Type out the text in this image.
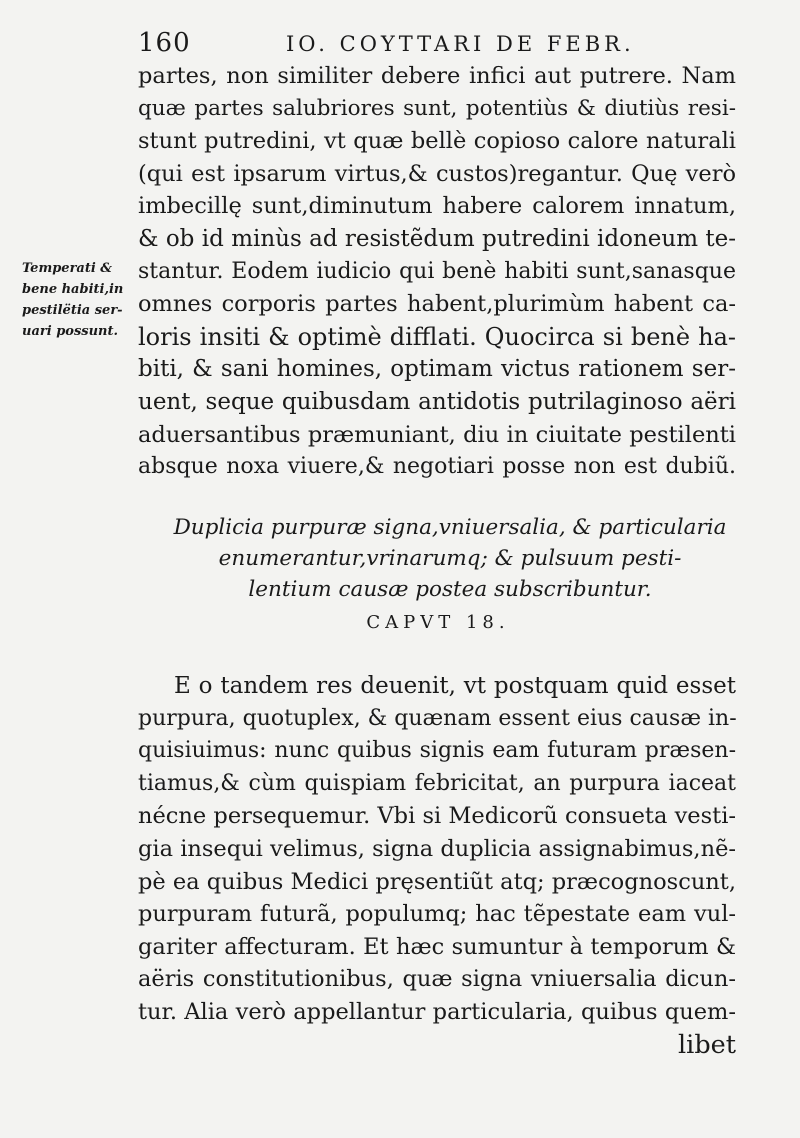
160	IO. COYTTARI DE FEBR.
Temperati &
bene habiti,in
pestilëtia ser-
uari possunt.
partes, non similiter debere infici aut putrere. Nam
quæ partes salubriores sunt, potentiùs & diutiùs resi-
stunt putredini, vt quæ bellè copioso calore naturali
(qui est ipsarum virtus,& custos)regantur. Quę verò
imbecillę sunt,diminutum habere calorem innatum,
& ob id minùs ad resistẽdum putredini idoneum te-
stantur. Eodem iudicio qui benè habiti sunt,sanasque
omnes corporis partes habent,plurimùm habent ca-
loris insiti & optimè difflati. Quocirca si benè ha-
biti, & sani homines, optimam victus rationem ser-
uent, seque quibusdam antidotis putrilaginoso aëri
aduersantibus præmuniant, diu in ciuitate pestilenti
absque noxa viuere,& negotiari posse non est dubiũ.
Duplicia purpuræ signa,vniuersalia, & particularia
enumerantur,vrinarumq; & pulsuum pesti-
lentium causæ postea subscribuntur.
CAPVT 18.
E o tandem res deuenit, vt postquam quid esset
purpura, quotuplex, & quænam essent eius causæ in-
quisiuimus: nunc quibus signis eam futuram præsen-
tiamus,& cùm quispiam febricitat, an purpura iaceat
nécne persequemur. Vbi si Medicorũ consueta vesti-
gia insequi velimus, signa duplicia assignabimus,nẽ-
pè ea quibus Medici pręsentiũt atq; præcognoscunt,
purpuram futurã, populumq; hac tẽpestate eam vul-
gariter affecturam. Et hæc sumuntur à temporum &
aëris constitutionibus, quæ signa vniuersalia dicun-
tur. Alia verò appellantur particularia, quibus quem-
libet
